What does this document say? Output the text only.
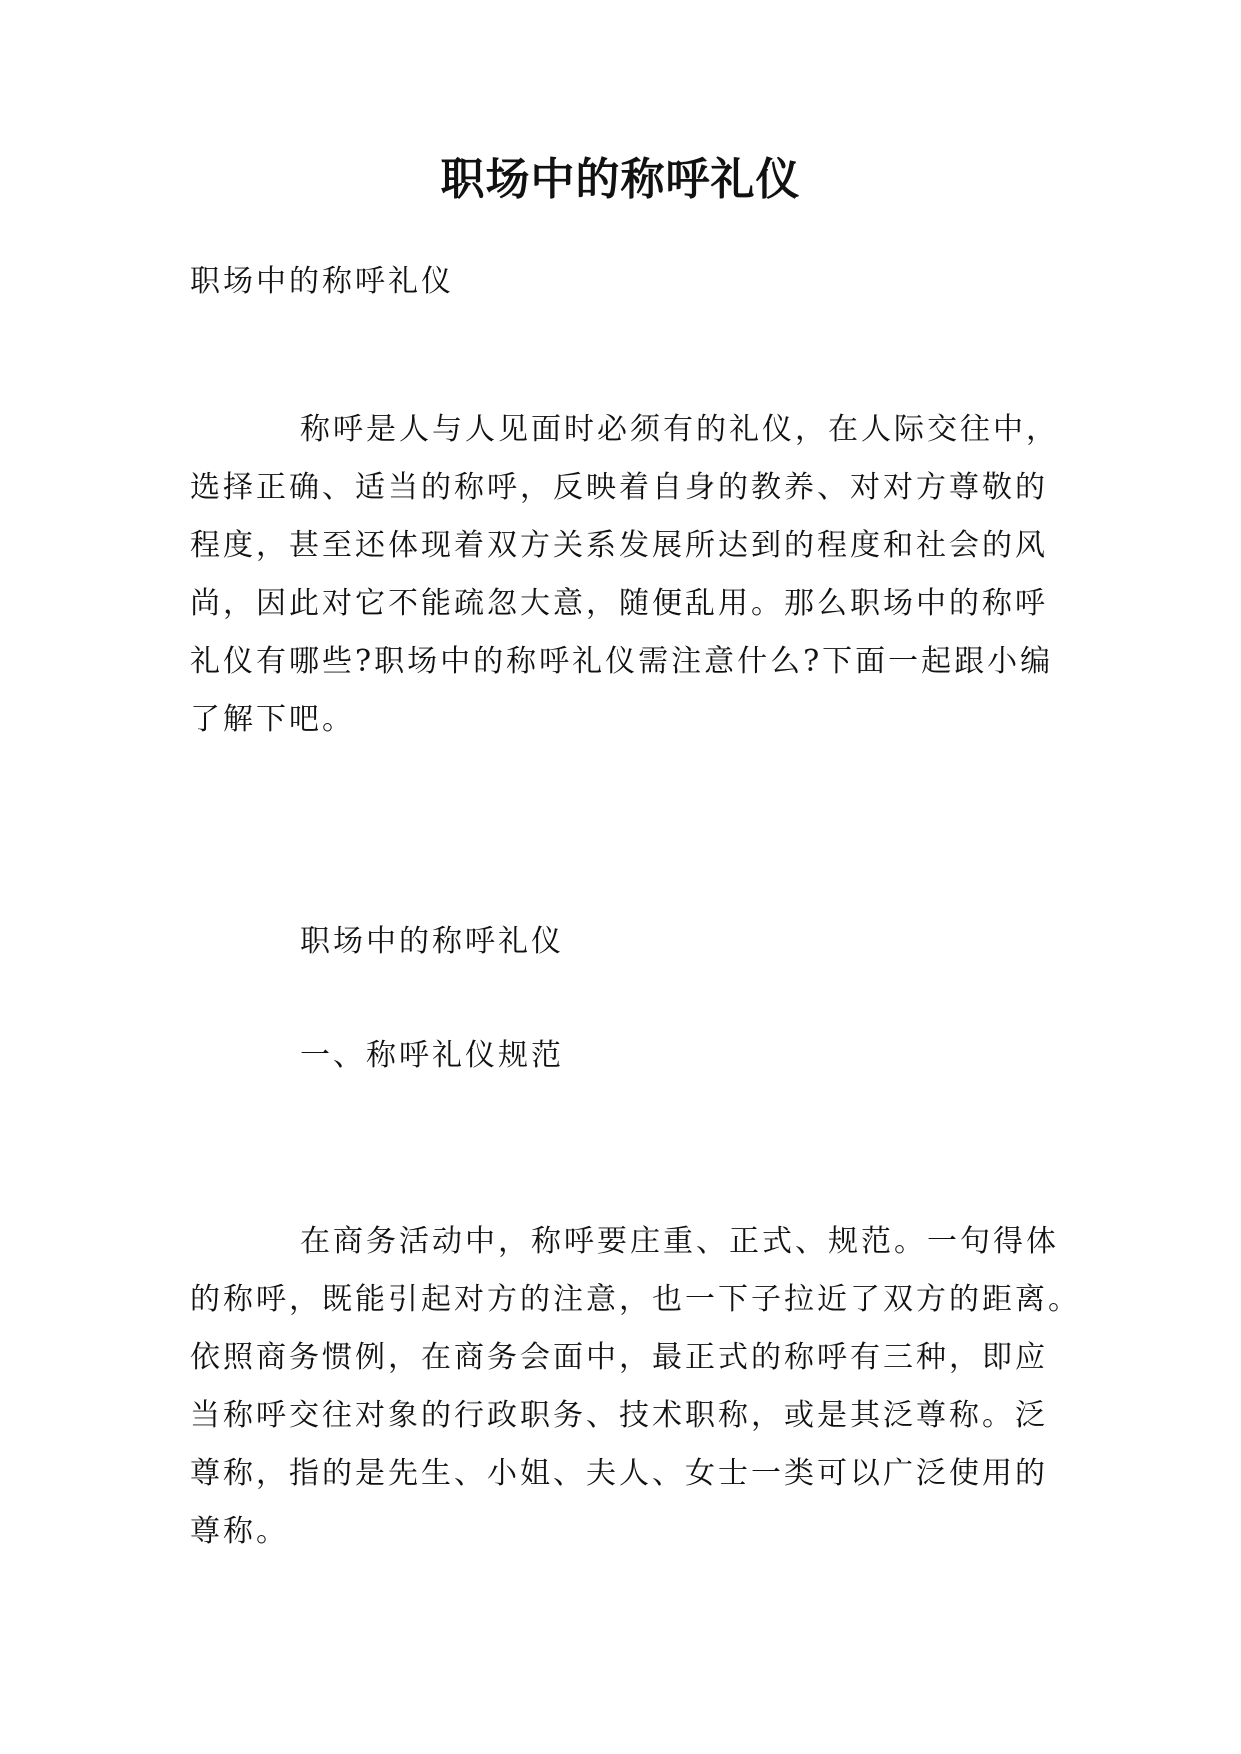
职场中的称呼礼仪
职场中的称呼礼仪
称呼是人与人见面时必须有的礼仪，在人际交往中，
选择正确、适当的称呼，反映着自身的教养、对对方尊敬的
程度，甚至还体现着双方关系发展所达到的程度和社会的风
尚，因此对它不能疏忽大意，随便乱用。那么职场中的称呼
礼仪有哪些?职场中的称呼礼仪需注意什么?下面一起跟小编
了解下吧。
职场中的称呼礼仪
一、称呼礼仪规范
在商务活动中，称呼要庄重、正式、规范。一句得体
的称呼，既能引起对方的注意，也一下子拉近了双方的距离。
依照商务惯例，在商务会面中，最正式的称呼有三种，即应
当称呼交往对象的行政职务、技术职称，或是其泛尊称。泛
尊称，指的是先生、小姐、夫人、女士一类可以广泛使用的
尊称。
